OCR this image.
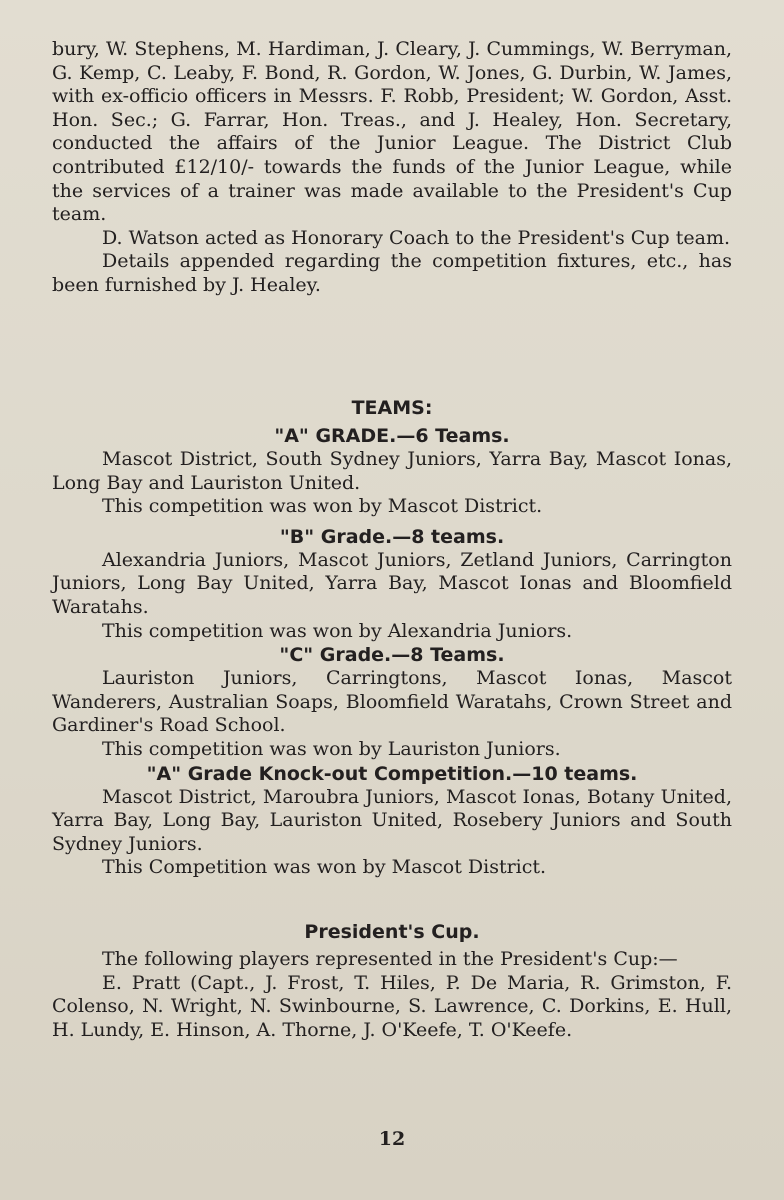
bury, W. Stephens, M. Hardiman, J. Cleary, J. Cummings, W. Berryman, G. Kemp, C. Leaby, F. Bond, R. Gordon, W. Jones, G. Durbin, W. James, with ex-officio officers in Messrs. F. Robb, President; W. Gordon, Asst. Hon. Sec.; G. Farrar, Hon. Treas., and J. Healey, Hon. Secretary, conducted the affairs of the Junior League. The District Club contributed £12/10/- towards the funds of the Junior League, while the services of a trainer was made available to the President's Cup team.

D. Watson acted as Honorary Coach to the President's Cup team.

Details appended regarding the competition fixtures, etc., has been furnished by J. Healey.

TEAMS:
"A" GRADE.—6 Teams.

Mascot District, South Sydney Juniors, Yarra Bay, Mascot Ionas, Long Bay and Lauriston United.

This competition was won by Mascot District.

"B" Grade.—8 teams.

Alexandria Juniors, Mascot Juniors, Zetland Juniors, Carrington Juniors, Long Bay United, Yarra Bay, Mascot Ionas and Bloomfield Waratahs.

This competition was won by Alexandria Juniors.

"C" Grade.—8 Teams.

Lauriston Juniors, Carringtons, Mascot Ionas, Mascot Wanderers, Australian Soaps, Bloomfield Waratahs, Crown Street and Gardiner's Road School.

This competition was won by Lauriston Juniors.

"A" Grade Knock-out Competition.—10 teams.

Mascot District, Maroubra Juniors, Mascot Ionas, Botany United, Yarra Bay, Long Bay, Lauriston United, Rosebery Juniors and South Sydney Juniors.

This Competition was won by Mascot District.

President's Cup.

The following players represented in the President's Cup:—

E. Pratt (Capt., J. Frost, T. Hiles, P. De Maria, R. Grimston, F. Colenso, N. Wright, N. Swinbourne, S. Lawrence, C. Dorkins, E. Hull, H. Lundy, E. Hinson, A. Thorne, J. O'Keefe, T. O'Keefe.

12
